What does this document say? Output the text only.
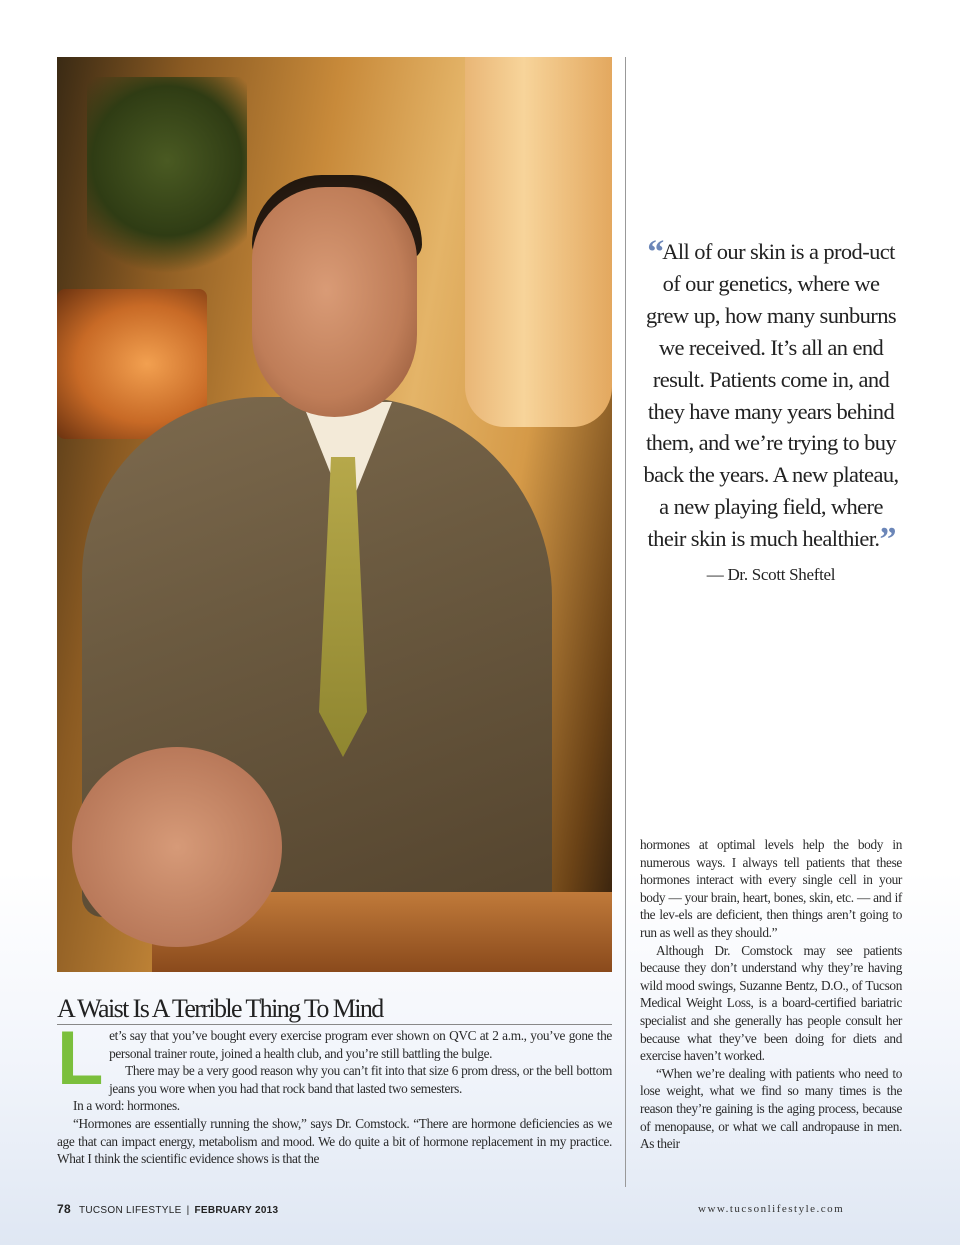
“All of our skin is a prod-uct of our genetics, where we grew up, how many sunburns we received. It’s all an end result. Patients come in, and they have many years behind them, and we’re trying to buy back the years. A new plateau, a new playing field, where their skin is much healthier.”
— Dr. Scott Sheftel
A Waist Is A Terrible Thing To Mind
L et’s say that you’ve bought every exercise program ever shown on QVC at 2 a.m., you’ve gone the personal trainer route, joined a health club, and you’re still battling the bulge.

There may be a very good reason why you can’t fit into that size 6 prom dress, or the bell bottom jeans you wore when you had that rock band that lasted two semesters.

In a word: hormones.

“Hormones are essentially running the show,” says Dr. Comstock. “There are hormone deficiencies as we age that can impact energy, metabolism and mood. We do quite a bit of hormone replacement in my practice. What I think the scientific evidence shows is that the

hormones at optimal levels help the body in numerous ways. I always tell patients that these hormones interact with every single cell in your body — your brain, heart, bones, skin, etc. — and if the lev-els are deficient, then things aren’t going to run as well as they should.”

Although Dr. Comstock may see patients because they don’t understand why they’re having wild mood swings, Suzanne Bentz, D.O., of Tucson Medical Weight Loss, is a board-certified bariatric specialist and she generally has people consult her because what they’ve been doing for diets and exercise haven’t worked.

“When we’re dealing with patients who need to lose weight, what we find so many times is the reason they’re gaining is the aging process, because of menopause, or what we call andropause in men. As their

78 TUCSON LIFESTYLE | FEBRUARY 2013	www.tucsonlifestyle.com
